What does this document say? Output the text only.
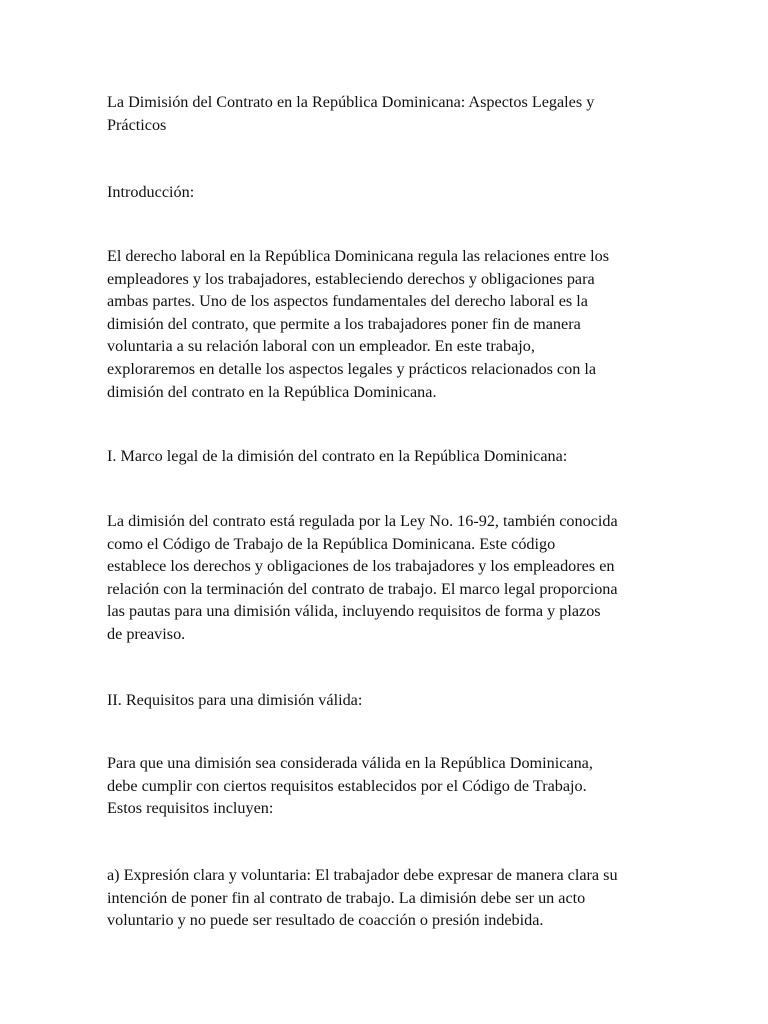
La Dimisión del Contrato en la República Dominicana: Aspectos Legales y
Prácticos

Introducción:

El derecho laboral en la República Dominicana regula las relaciones entre los
empleadores y los trabajadores, estableciendo derechos y obligaciones para
ambas partes. Uno de los aspectos fundamentales del derecho laboral es la
dimisión del contrato, que permite a los trabajadores poner fin de manera
voluntaria a su relación laboral con un empleador. En este trabajo,
exploraremos en detalle los aspectos legales y prácticos relacionados con la
dimisión del contrato en la República Dominicana.

I. Marco legal de la dimisión del contrato en la República Dominicana:

La dimisión del contrato está regulada por la Ley No. 16-92, también conocida
como el Código de Trabajo de la República Dominicana. Este código
establece los derechos y obligaciones de los trabajadores y los empleadores en
relación con la terminación del contrato de trabajo. El marco legal proporciona
las pautas para una dimisión válida, incluyendo requisitos de forma y plazos
de preaviso.

II. Requisitos para una dimisión válida:

Para que una dimisión sea considerada válida en la República Dominicana,
debe cumplir con ciertos requisitos establecidos por el Código de Trabajo.
Estos requisitos incluyen:

a) Expresión clara y voluntaria: El trabajador debe expresar de manera clara su
intención de poner fin al contrato de trabajo. La dimisión debe ser un acto
voluntario y no puede ser resultado de coacción o presión indebida.
